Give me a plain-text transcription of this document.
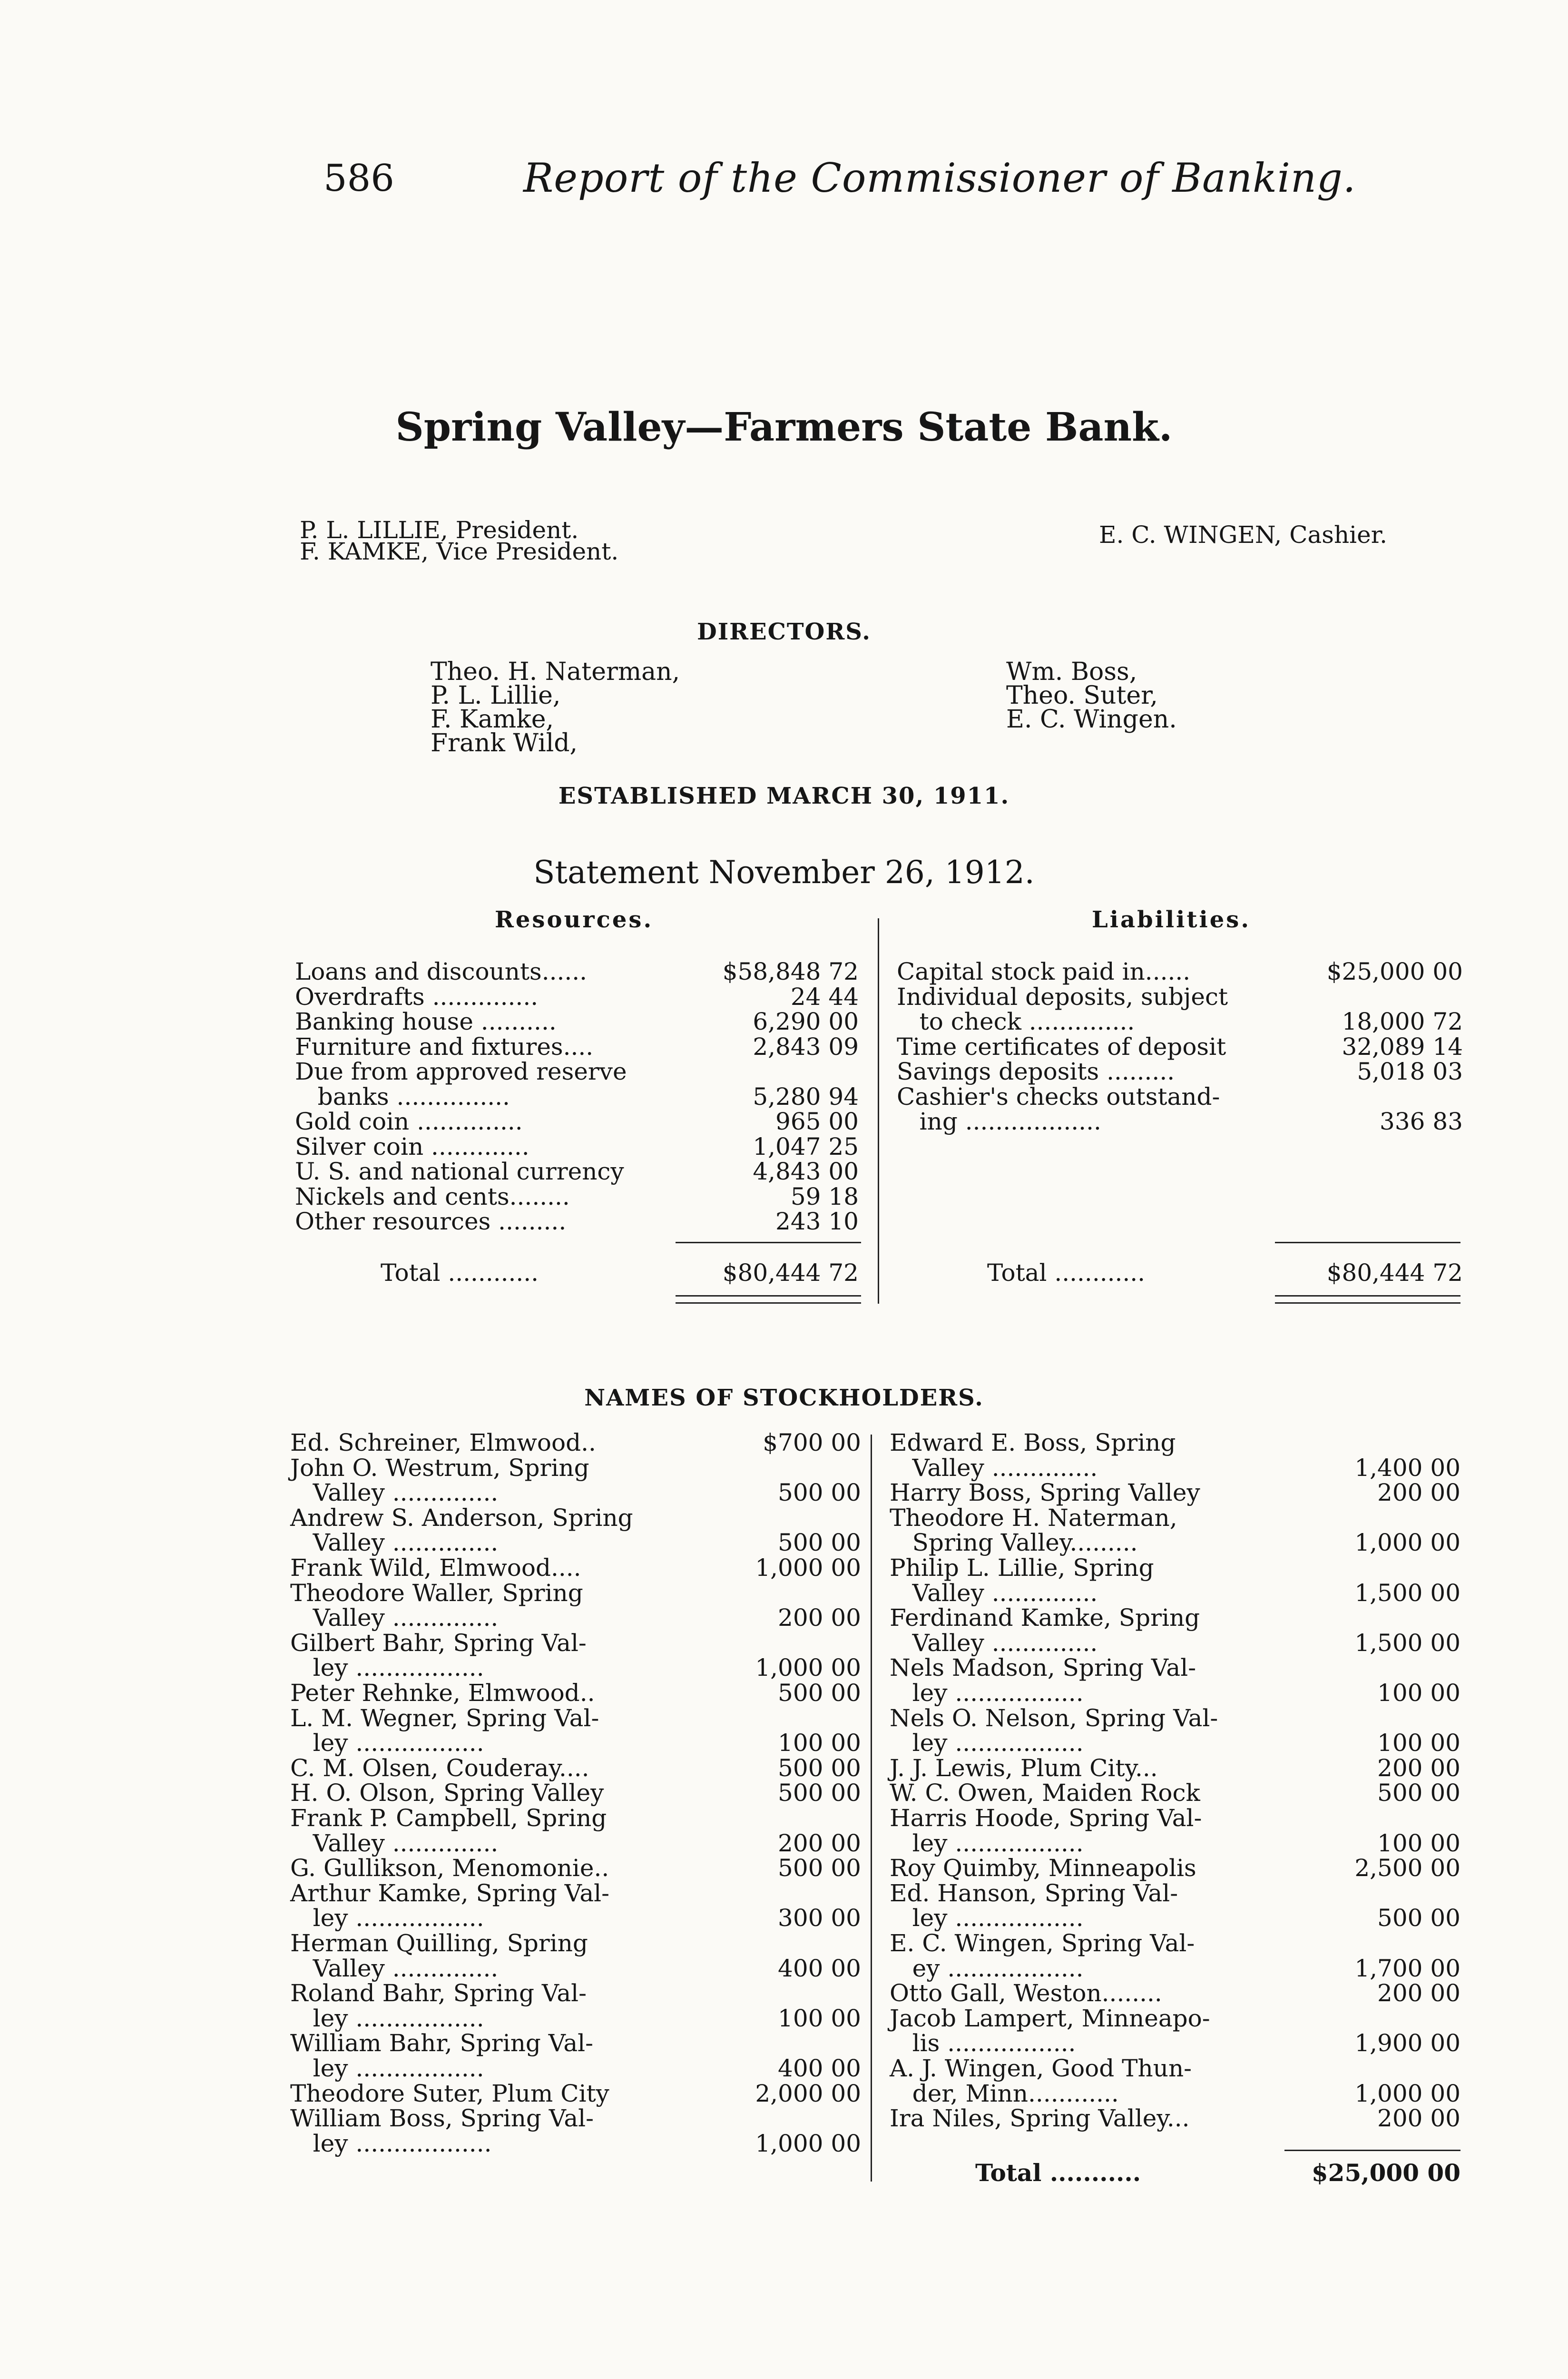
586	Report of the Commissioner of Banking.
Spring Valley—Farmers State Bank.
P. L. LILLIE, President.
F. KAMKE, Vice President.
E. C. WINGEN, Cashier.
DIRECTORS.
Theo. H. Naterman,
P. L. Lillie,
F. Kamke,
Frank Wild,
Wm. Boss,
Theo. Suter,
E. C. Wingen.
ESTABLISHED MARCH 30, 1911.
Statement November 26, 1912.
Resources.	Liabilities.
Loans and discounts......	$58,848 72
Overdrafts ..............	24 44
Banking house ..........	6,290 00
Furniture and fixtures....	2,843 09
Due from approved reserve
banks ...............	5,280 94
Gold coin ..............	965 00
Silver coin .............	1,047 25
U. S. and national currency	4,843 00
Nickels and cents........	59 18
Other resources .........	243 10
Capital stock paid in......	$25,000 00
Individual deposits, subject
to check ..............	18,000 72
Time certificates of deposit	32,089 14
Savings deposits .........	5,018 03
Cashier's checks outstand-
ing ..................	336 83
Total ............	$80,444 72	Total ............	$80,444 72
NAMES OF STOCKHOLDERS.
Ed. Schreiner, Elmwood..	$700 00
John O. Westrum, Spring
Valley ..............	500 00
Andrew S. Anderson, Spring
Valley ..............	500 00
Frank Wild, Elmwood....	1,000 00
Theodore Waller, Spring
Valley ..............	200 00
Gilbert Bahr, Spring Val-
ley .................	1,000 00
Peter Rehnke, Elmwood..	500 00
L. M. Wegner, Spring Val-
ley .................	100 00
C. M. Olsen, Couderay....	500 00
H. O. Olson, Spring Valley	500 00
Frank P. Campbell, Spring
Valley ..............	200 00
G. Gullikson, Menomonie..	500 00
Arthur Kamke, Spring Val-
ley .................	300 00
Herman Quilling, Spring
Valley ..............	400 00
Roland Bahr, Spring Val-
ley .................	100 00
William Bahr, Spring Val-
ley .................	400 00
Theodore Suter, Plum City	2,000 00
William Boss, Spring Val-
ley ..................	1,000 00
Edward E. Boss, Spring
Valley ..............	1,400 00
Harry Boss, Spring Valley	200 00
Theodore H. Naterman,
Spring Valley.........	1,000 00
Philip L. Lillie, Spring
Valley ..............	1,500 00
Ferdinand Kamke, Spring
Valley ..............	1,500 00
Nels Madson, Spring Val-
ley .................	100 00
Nels O. Nelson, Spring Val-
ley .................	100 00
J. J. Lewis, Plum City...	200 00
W. C. Owen, Maiden Rock	500 00
Harris Hoode, Spring Val-
ley .................	100 00
Roy Quimby, Minneapolis	2,500 00
Ed. Hanson, Spring Val-
ley .................	500 00
E. C. Wingen, Spring Val-
ey ..................	1,700 00
Otto Gall, Weston........	200 00
Jacob Lampert, Minneapo-
lis .................	1,900 00
A. J. Wingen, Good Thun-
der, Minn............	1,000 00
Ira Niles, Spring Valley...	200 00
Total ...........	$25,000 00
